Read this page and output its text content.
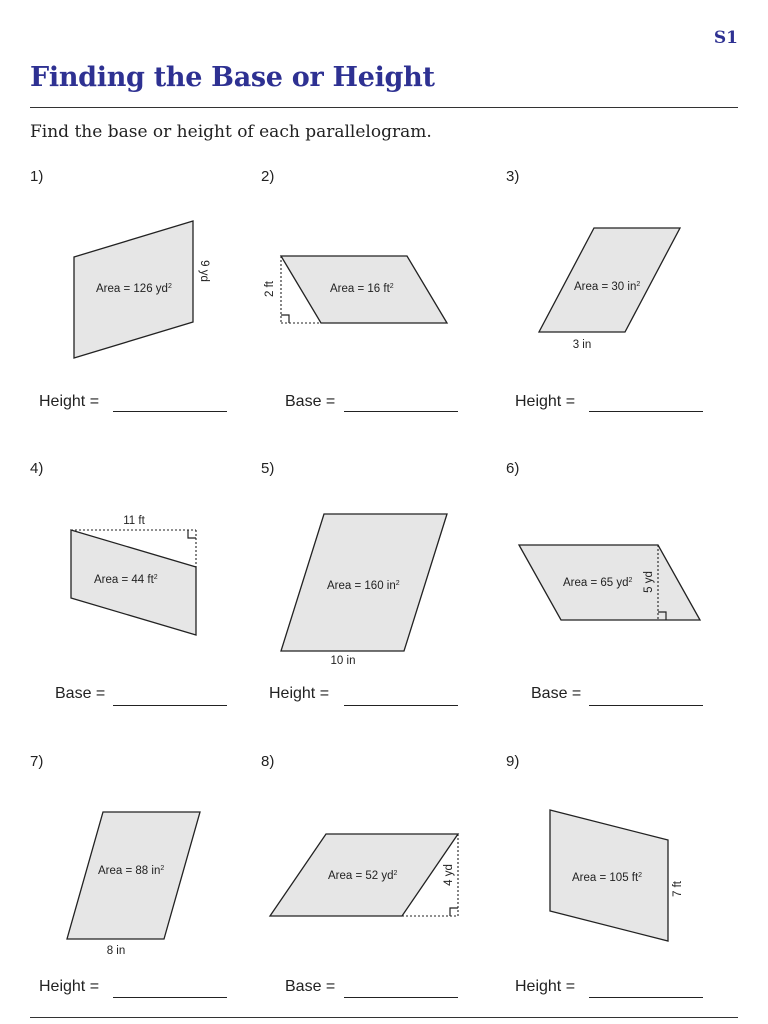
S1
Finding the Base or Height
Find the base or height of each parallelogram.
1)	2)	3)
Area = 126 $yd^2$
9 yd
Area = 16 $ft^2$
2 ft	Area = 30 $in^2$
3 in
Height =	Base =	Height =
4)	5)	6)
Area = 44 $ft^2$
11 ft
Area = 160 $in^2$
10 in
Area = 65 $yd^2$ 5 yd
Base =	Height =	Base =
7)	8)	9)
Area = 88 $in^2$
8 in
Area = 52 $yd^2$	4 yd	Area = 105 $ft^2$
7 ft
Height =	Base =	Height =
